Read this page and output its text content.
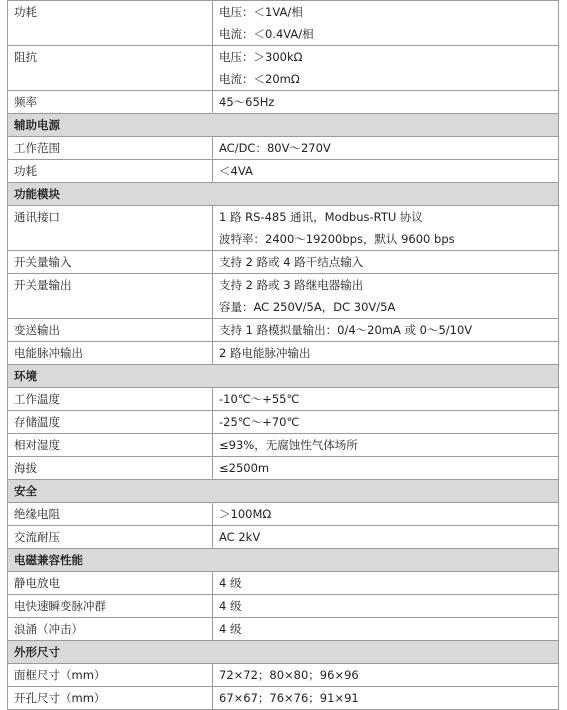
功耗	电压：＜1VA/相
电流：＜0.4VA/相

阻抗	电压：＞300kΩ
电流：＜20mΩ

频率	45～65Hz

辅助电源	

工作范围	AC/DC：80V～270V

功耗	＜4VA

功能模块	

通讯接口	1 路 RS-485 通讯，Modbus-RTU 协议
波特率：2400～19200bps，默认 9600 bps

开关量输入	支持 2 路或 4 路干结点输入

开关量输出	支持 2 路或 3 路继电器输出
容量：AC 250V/5A，DC 30V/5A

变送输出	支持 1 路模拟量输出：0/4～20mA 或 0～5/10V

电能脉冲输出	2 路电能脉冲输出

环境	

工作温度	-10℃～+55℃

存储温度	-25℃～+70℃

相对湿度	≤93%，无腐蚀性气体场所

海拔	≤2500m

安全	

绝缘电阻	＞100MΩ

交流耐压	AC 2kV

电磁兼容性能	

静电放电	4 级

电快速瞬变脉冲群	4 级

浪涌（冲击）	4 级

外形尺寸	

面框尺寸（mm）	72×72；80×80；96×96

开孔尺寸（mm）	67×67；76×76；91×91
